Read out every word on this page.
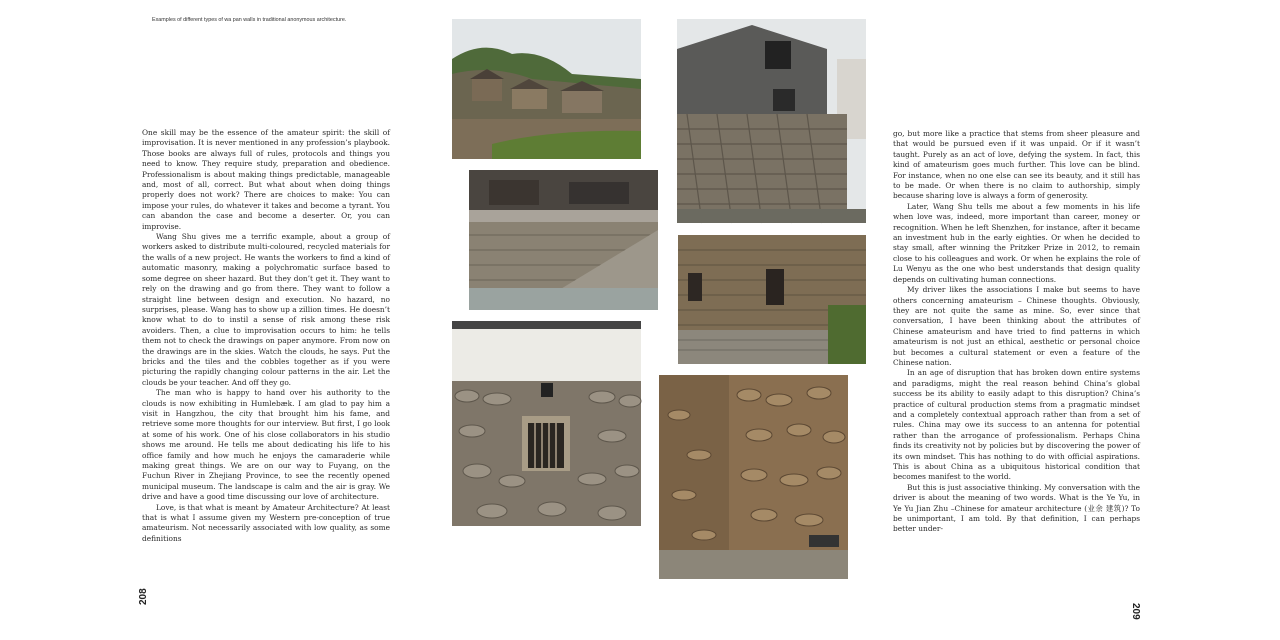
Examples of different types of wa pan walls in traditional anonymous architecture.

One skill may be the essence of the amateur spirit: the skill of improvisation. It is never mentioned in any profession’s playbook. Those books are always full of rules, protocols and things you need to know. They require study, preparation and obedience. Professionalism is about making things predictable, manageable and, most of all, correct. But what about when doing things properly does not work? There are choices to make: You can impose your rules, do whatever it takes and become a tyrant. You can abandon the case and become a deserter. Or, you can improvise.

Wang Shu gives me a terrific example, about a group of workers asked to distribute multi-coloured, recycled materials for the walls of a new project. He wants the workers to find a kind of automatic masonry, making a polychromatic surface based to some degree on sheer hazard. But they don’t get it. They want to rely on the drawing and go from there. They want to follow a straight line between design and execution. No hazard, no surprises, please. Wang has to show up a zillion times. He doesn’t know what to do to instil a sense of risk among these risk avoiders. Then, a clue to improvisation occurs to him: he tells them not to check the drawings on paper anymore. From now on the drawings are in the skies. Watch the clouds, he says. Put the bricks and the tiles and the cobbles together as if you were picturing the rapidly changing colour patterns in the air. Let the clouds be your teacher. And off they go.

The man who is happy to hand over his authority to the clouds is now exhibiting in Humlebæk. I am glad to pay him a visit in Hangzhou, the city that brought him his fame, and retrieve some more thoughts for our interview. But first, I go look at some of his work. One of his close collaborators in his studio shows me around. He tells me about dedicating his life to his office family and how much he enjoys the camaraderie while making great things. We are on our way to Fuyang, on the Fuchun River in Zhejiang Province, to see the recently opened municipal museum. The landscape is calm and the air is gray. We drive and have a good time discussing our love of architecture.

Love, is that what is meant by Amateur Architecture? At least that is what I assume given my Western pre-conception of true amateurism. Not necessarily associated with low quality, as some definitions

go, but more like a practice that stems from sheer pleasure and that would be pursued even if it was unpaid. Or if it wasn’t taught. Purely as an act of love, defying the system. In fact, this kind of amateurism goes much further. This love can be blind. For instance, when no one else can see its beauty, and it still has to be made. Or when there is no claim to authorship, simply because sharing love is always a form of generosity.

Later, Wang Shu tells me about a few moments in his life when love was, indeed, more important than career, money or recognition. When he left Shenzhen, for instance, after it became an investment hub in the early eighties. Or when he decided to stay small, after winning the Pritzker Prize in 2012, to remain close to his colleagues and work. Or when he explains the role of Lu Wenyu as the one who best understands that design quality depends on cultivating human connections.

My driver likes the associations I make but seems to have others concerning amateurism – Chinese thoughts. Obviously, they are not quite the same as mine. So, ever since that conversation, I have been thinking about the attributes of Chinese amateurism and have tried to find patterns in which amateurism is not just an ethical, aesthetic or personal choice but becomes a cultural statement or even a feature of the Chinese nation.

In an age of disruption that has broken down entire systems and paradigms, might the real reason behind China’s global success be its ability to easily adapt to this disruption? China’s practice of cultural production stems from a pragmatic mindset and a completely contextual approach rather than from a set of rules. China may owe its success to an antenna for potential rather than the arrogance of professionalism. Perhaps China finds its creativity not by policies but by discovering the power of its own mindset. This has nothing to do with official aspirations. This is about China as a ubiquitous historical condition that becomes manifest to the world.

But this is just associative thinking. My conversation with the driver is about the meaning of two words. What is the Ye Yu, in Ye Yu Jian Zhu –Chinese for amateur architecture (业余 建筑)? To be unimportant, I am told. By that definition, I can perhaps better under-

208
209
